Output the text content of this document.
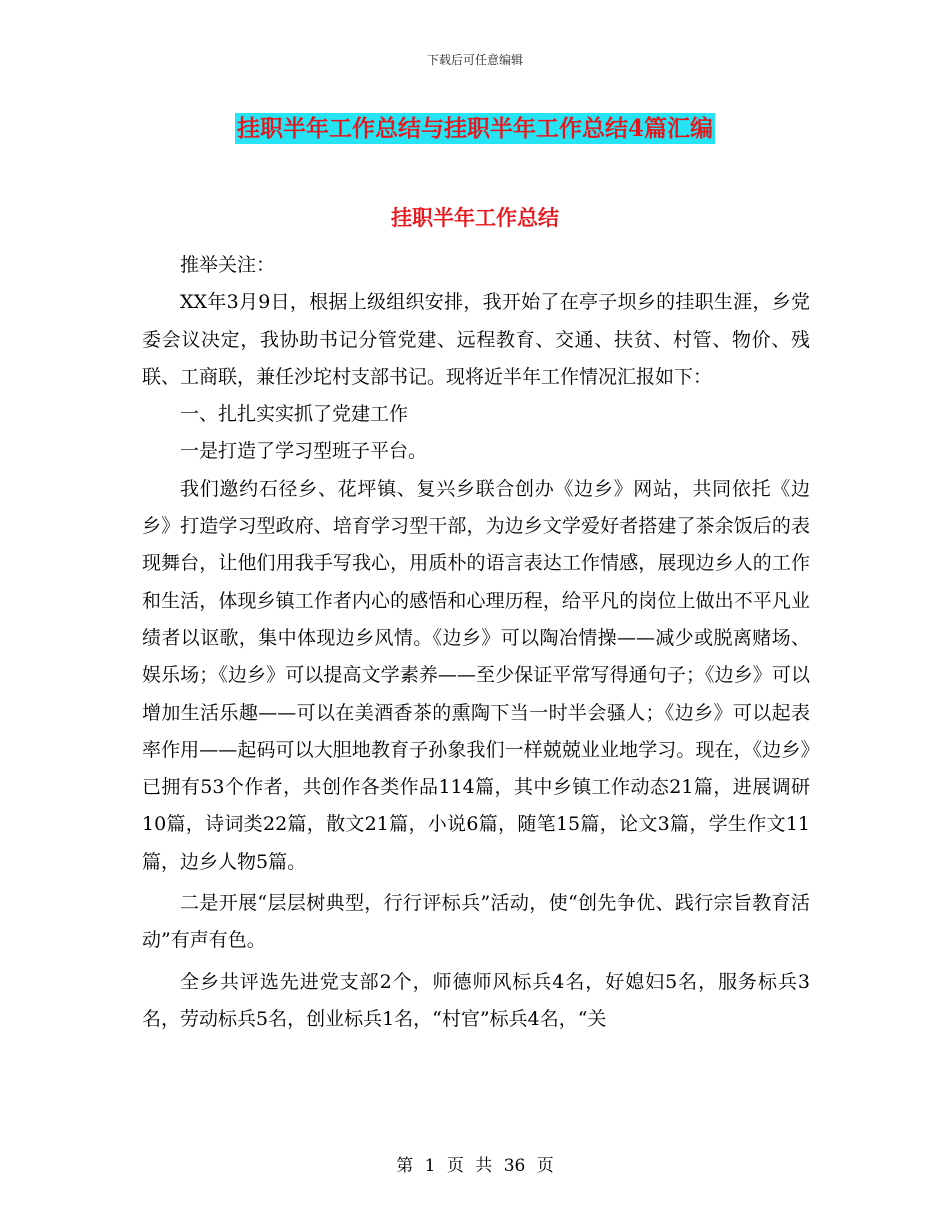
下载后可任意编辑
挂职半年工作总结与挂职半年工作总结4篇汇编
挂职半年工作总结

推举关注：

XX年3月9日，根据上级组织安排，我开始了在亭子坝乡的挂职生涯，乡党委会议决定，我协助书记分管党建、远程教育、交通、扶贫、村管、物价、残联、工商联，兼任沙坨村支部书记。现将近半年工作情况汇报如下：

一、扎扎实实抓了党建工作

一是打造了学习型班子平台。

我们邀约石径乡、花坪镇、复兴乡联合创办《边乡》网站，共同依托《边乡》打造学习型政府、培育学习型干部，为边乡文学爱好者搭建了茶余饭后的表现舞台，让他们用我手写我心，用质朴的语言表达工作情感，展现边乡人的工作和生活，体现乡镇工作者内心的感悟和心理历程，给平凡的岗位上做出不平凡业绩者以讴歌，集中体现边乡风情。《边乡》可以陶冶情操——减少或脱离赌场、娱乐场；《边乡》可以提高文学素养——至少保证平常写得通句子；《边乡》可以增加生活乐趣——可以在美酒香茶的熏陶下当一时半会骚人；《边乡》可以起表率作用——起码可以大胆地教育子孙象我们一样兢兢业业地学习。现在，《边乡》已拥有53个作者，共创作各类作品114篇，其中乡镇工作动态21篇，进展调研10篇，诗词类22篇，散文21篇，小说6篇，随笔15篇，论文3篇，学生作文11篇，边乡人物5篇。

二是开展“层层树典型，行行评标兵”活动，使“创先争优、践行宗旨教育活动”有声有色。

全乡共评选先进党支部2个，师德师风标兵4名，好媳妇5名，服务标兵3名，劳动标兵5名，创业标兵1名，“村官”标兵4名，“关

第 1 页 共 36 页
